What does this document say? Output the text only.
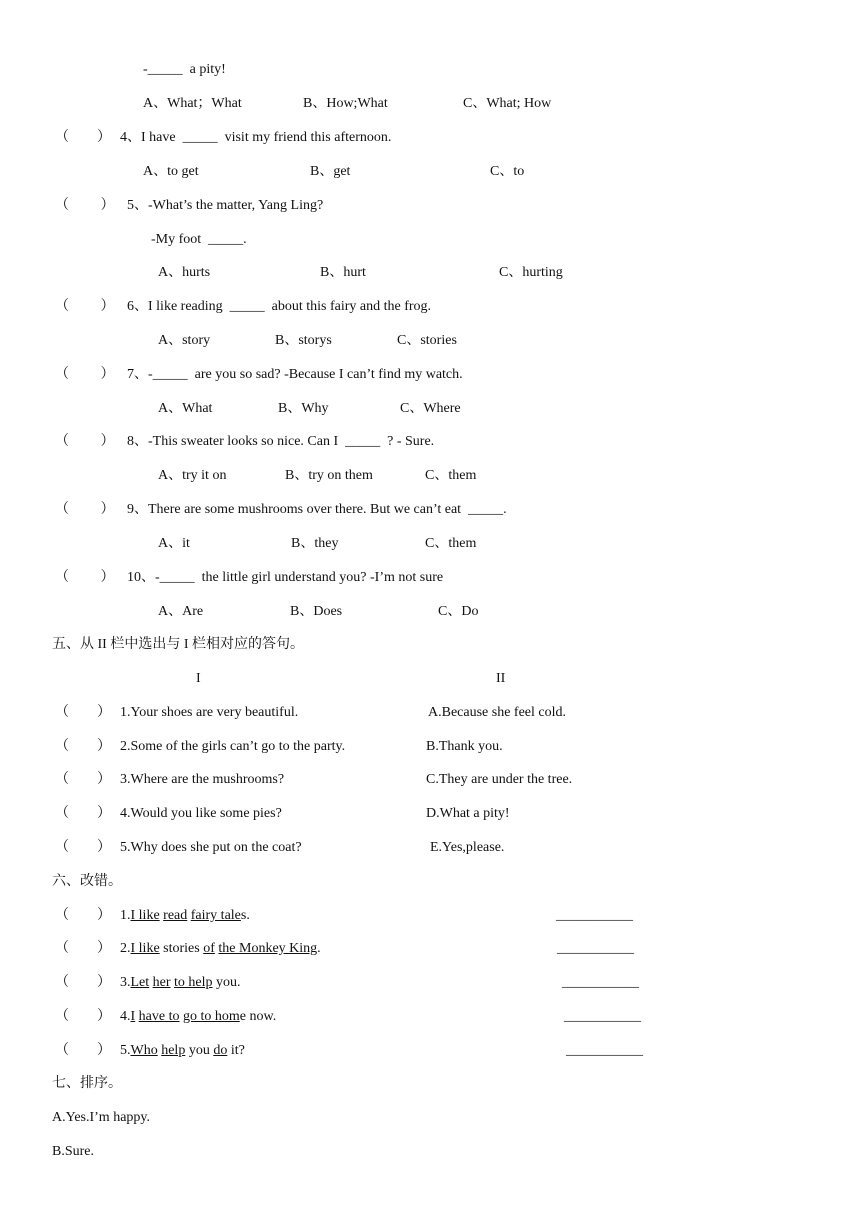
-_____  a pity!
A、What；What	B、How;What	C、What; How
（        ） 4、I have  _____  visit my friend this afternoon.
A、to get	B、get	C、to
（         ） 5、-What’s the matter, Yang Ling?
-My foot  _____.
A、hurts	B、hurt	C、hurting
（         ） 6、I like reading  _____  about this fairy and the frog.
A、story	B、storys	C、stories
（         ） 7、-_____  are you so sad? -Because I can’t find my watch.
A、What	B、Why	C、Where
（         ） 8、-This sweater looks so nice. Can I  _____  ? - Sure.
A、try it on	B、try on them	C、them
（         ） 9、There are some mushrooms over there. But we can’t eat  _____.
A、it	B、they	C、them
（         ） 10、-_____  the little girl understand you? -I’m not sure
A、Are	B、Does	C、Do
五、从 II 栏中选出与 I 栏相对应的答句。
I	II
（        ） 1.Your shoes are very beautiful.	A.Because she feel cold.
（        ） 2.Some of the girls can’t go to the party.	B.Thank you.
（        ） 3.Where are the mushrooms?	C.They are under the tree.
（        ） 4.Would you like some pies?	D.What a pity!
（        ） 5.Why does she put on the coat?	E.Yes,please.
六、改错。
（        ） 1.I like read fairy tales.	___________
（        ） 2.I like stories of the Monkey King.	___________
（        ） 3.Let her to help you.	___________
（        ） 4.I have to go to home now.	___________
（        ） 5.Who help you do it?	___________
七、排序。
A.Yes.I’m happy.
B.Sure.
